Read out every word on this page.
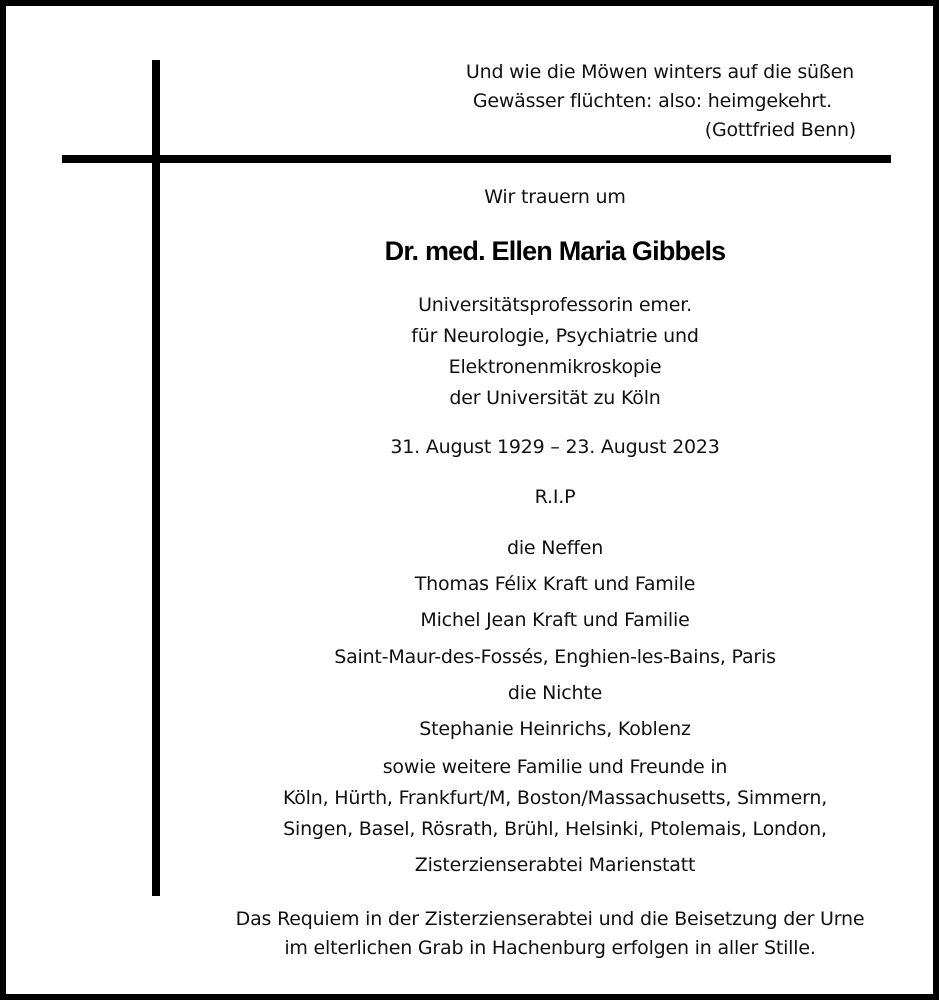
Und wie die Möwen winters auf die süßen
Gewässer flüchten: also: heimgekehrt.
(Gottfried Benn)
Wir trauern um
Dr. med. Ellen Maria Gibbels
Universitätsprofessorin emer.
für Neurologie, Psychiatrie und
Elektronenmikroskopie
der Universität zu Köln
31. August 1929 – 23. August 2023
R.I.P
die Neffen
Thomas Félix Kraft und Famile
Michel Jean Kraft und Familie
Saint-Maur-des-Fossés, Enghien-les-Bains, Paris
die Nichte
Stephanie Heinrichs, Koblenz
sowie weitere Familie und Freunde in
Köln, Hürth, Frankfurt/M, Boston/Massachusetts, Simmern,
Singen, Basel, Rösrath, Brühl, Helsinki, Ptolemais, London,
Zisterzienserabtei Marienstatt
Das Requiem in der Zisterzienserabtei und die Beisetzung der Urne
im elterlichen Grab in Hachenburg erfolgen in aller Stille.
